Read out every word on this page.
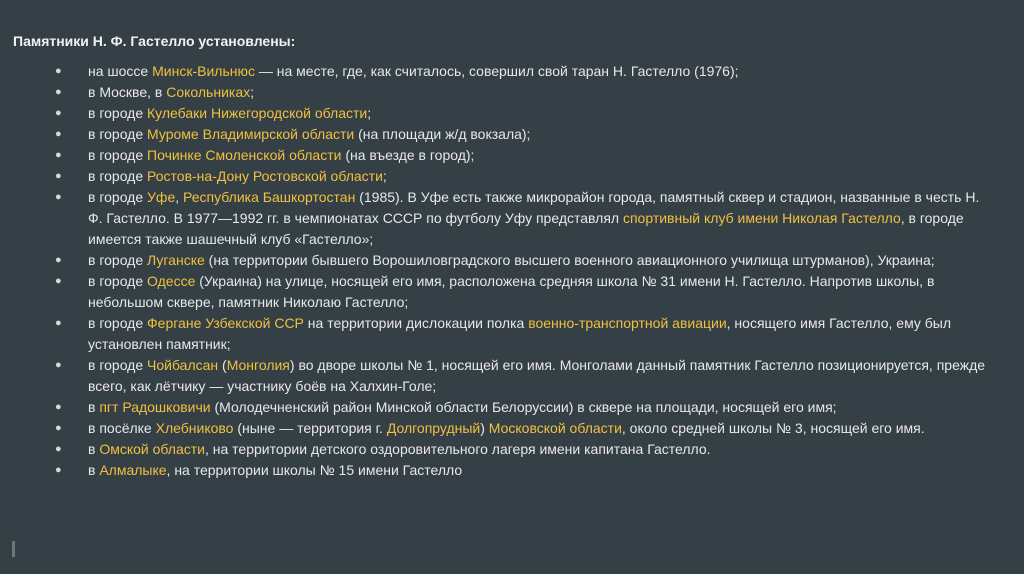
Памятники Н. Ф. Гастелло установлены:
● на шоссе Минск-Вильнюс — на месте, где, как считалось, совершил свой таран Н. Гастелло (1976);
● в Москве, в Сокольниках;
● в городе Кулебаки Нижегородской области;
● в городе Муроме Владимирской области (на площади ж/д вокзала);
● в городе Починке Смоленской области (на въезде в город);
● в городе Ростов-на-Дону Ростовской области;
● в городе Уфе, Республика Башкортостан (1985). В Уфе есть также микрорайон города, памятный сквер и стадион, названные в честь Н. Ф. Гастелло. В 1977—1992 гг. в чемпионатах СССР по футболу Уфу представлял спортивный клуб имени Николая Гастелло, в городе имеется также шашечный клуб «Гастелло»;
● в городе Луганске (на территории бывшего Ворошиловградского высшего военного авиационного училища штурманов), Украина;
● в городе Одессе (Украина) на улице, носящей его имя, расположена средняя школа № 31 имени Н. Гастелло. Напротив школы, в небольшом сквере, памятник Николаю Гастелло;
● в городе Фергане Узбекской ССР на территории дислокации полка военно-транспортной авиации, носящего имя Гастелло, ему был установлен памятник;
● в городе Чойбалсан (Монголия) во дворе школы № 1, носящей его имя. Монголами данный памятник Гастелло позиционируется, прежде всего, как лётчику — участнику боёв на Халхин-Голе;
● в пгт Радошковичи (Молодечненский район Минской области Белоруссии) в сквере на площади, носящей его имя;
● в посёлке Хлебниково (ныне — территория г. Долгопрудный) Московской области, около средней школы № 3, носящей его имя.
● в Омской области, на территории детского оздоровительного лагеря имени капитана Гастелло.
● в Алмалыке, на территории школы № 15 имени Гастелло
